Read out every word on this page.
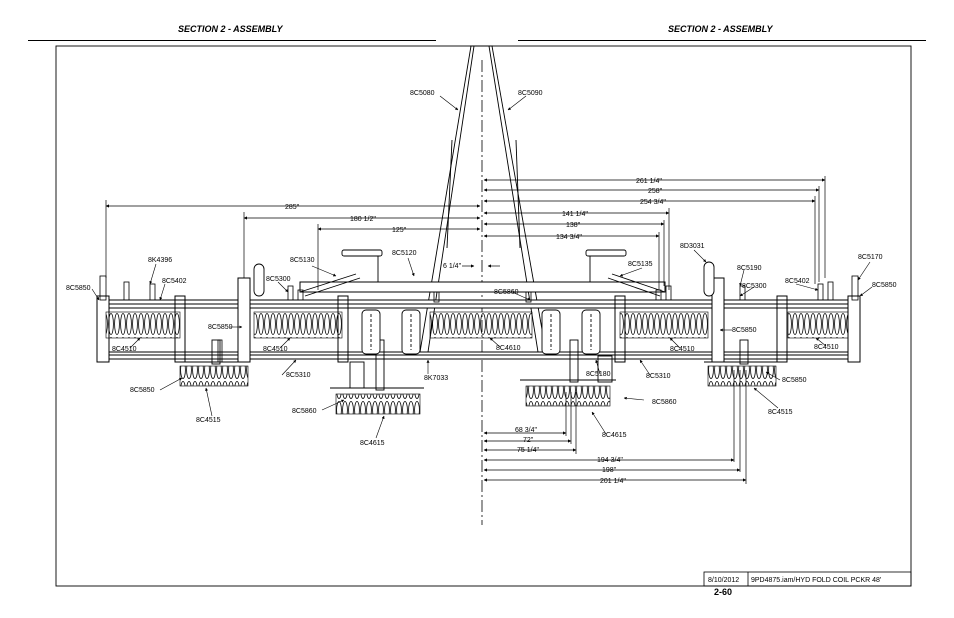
SECTION 2 - ASSEMBLY	SECTION 2 - ASSEMBLY
8/10/2012 9PD4875.iam/HYD FOLD COIL PCKR 48'
261 1/4"
258"
254 3/4"
285"
141 1/4"
180 1/2"
138"
125"
134 3/4"
6 1/4"
68 3/4"
72"
75 1/4"
194 3/4"
198"
201 1/4"
8C5080	8C5090
8K4396
8C5402
8C5850
8C5300
8C5130
8C5120
8C5860
8C5135
8D3031
8C5190
8C5300
8C5402
8C5170
8C5850
8C5850
8C4510	8C4510	8C4610	8C4510
8C5850
8C4510
8C5850
8C5310	8K7033
8C5180	8C5310
8C5850
8C4515
8C5860
8C5860
8C4615
8C4615
8C4515
2-60
